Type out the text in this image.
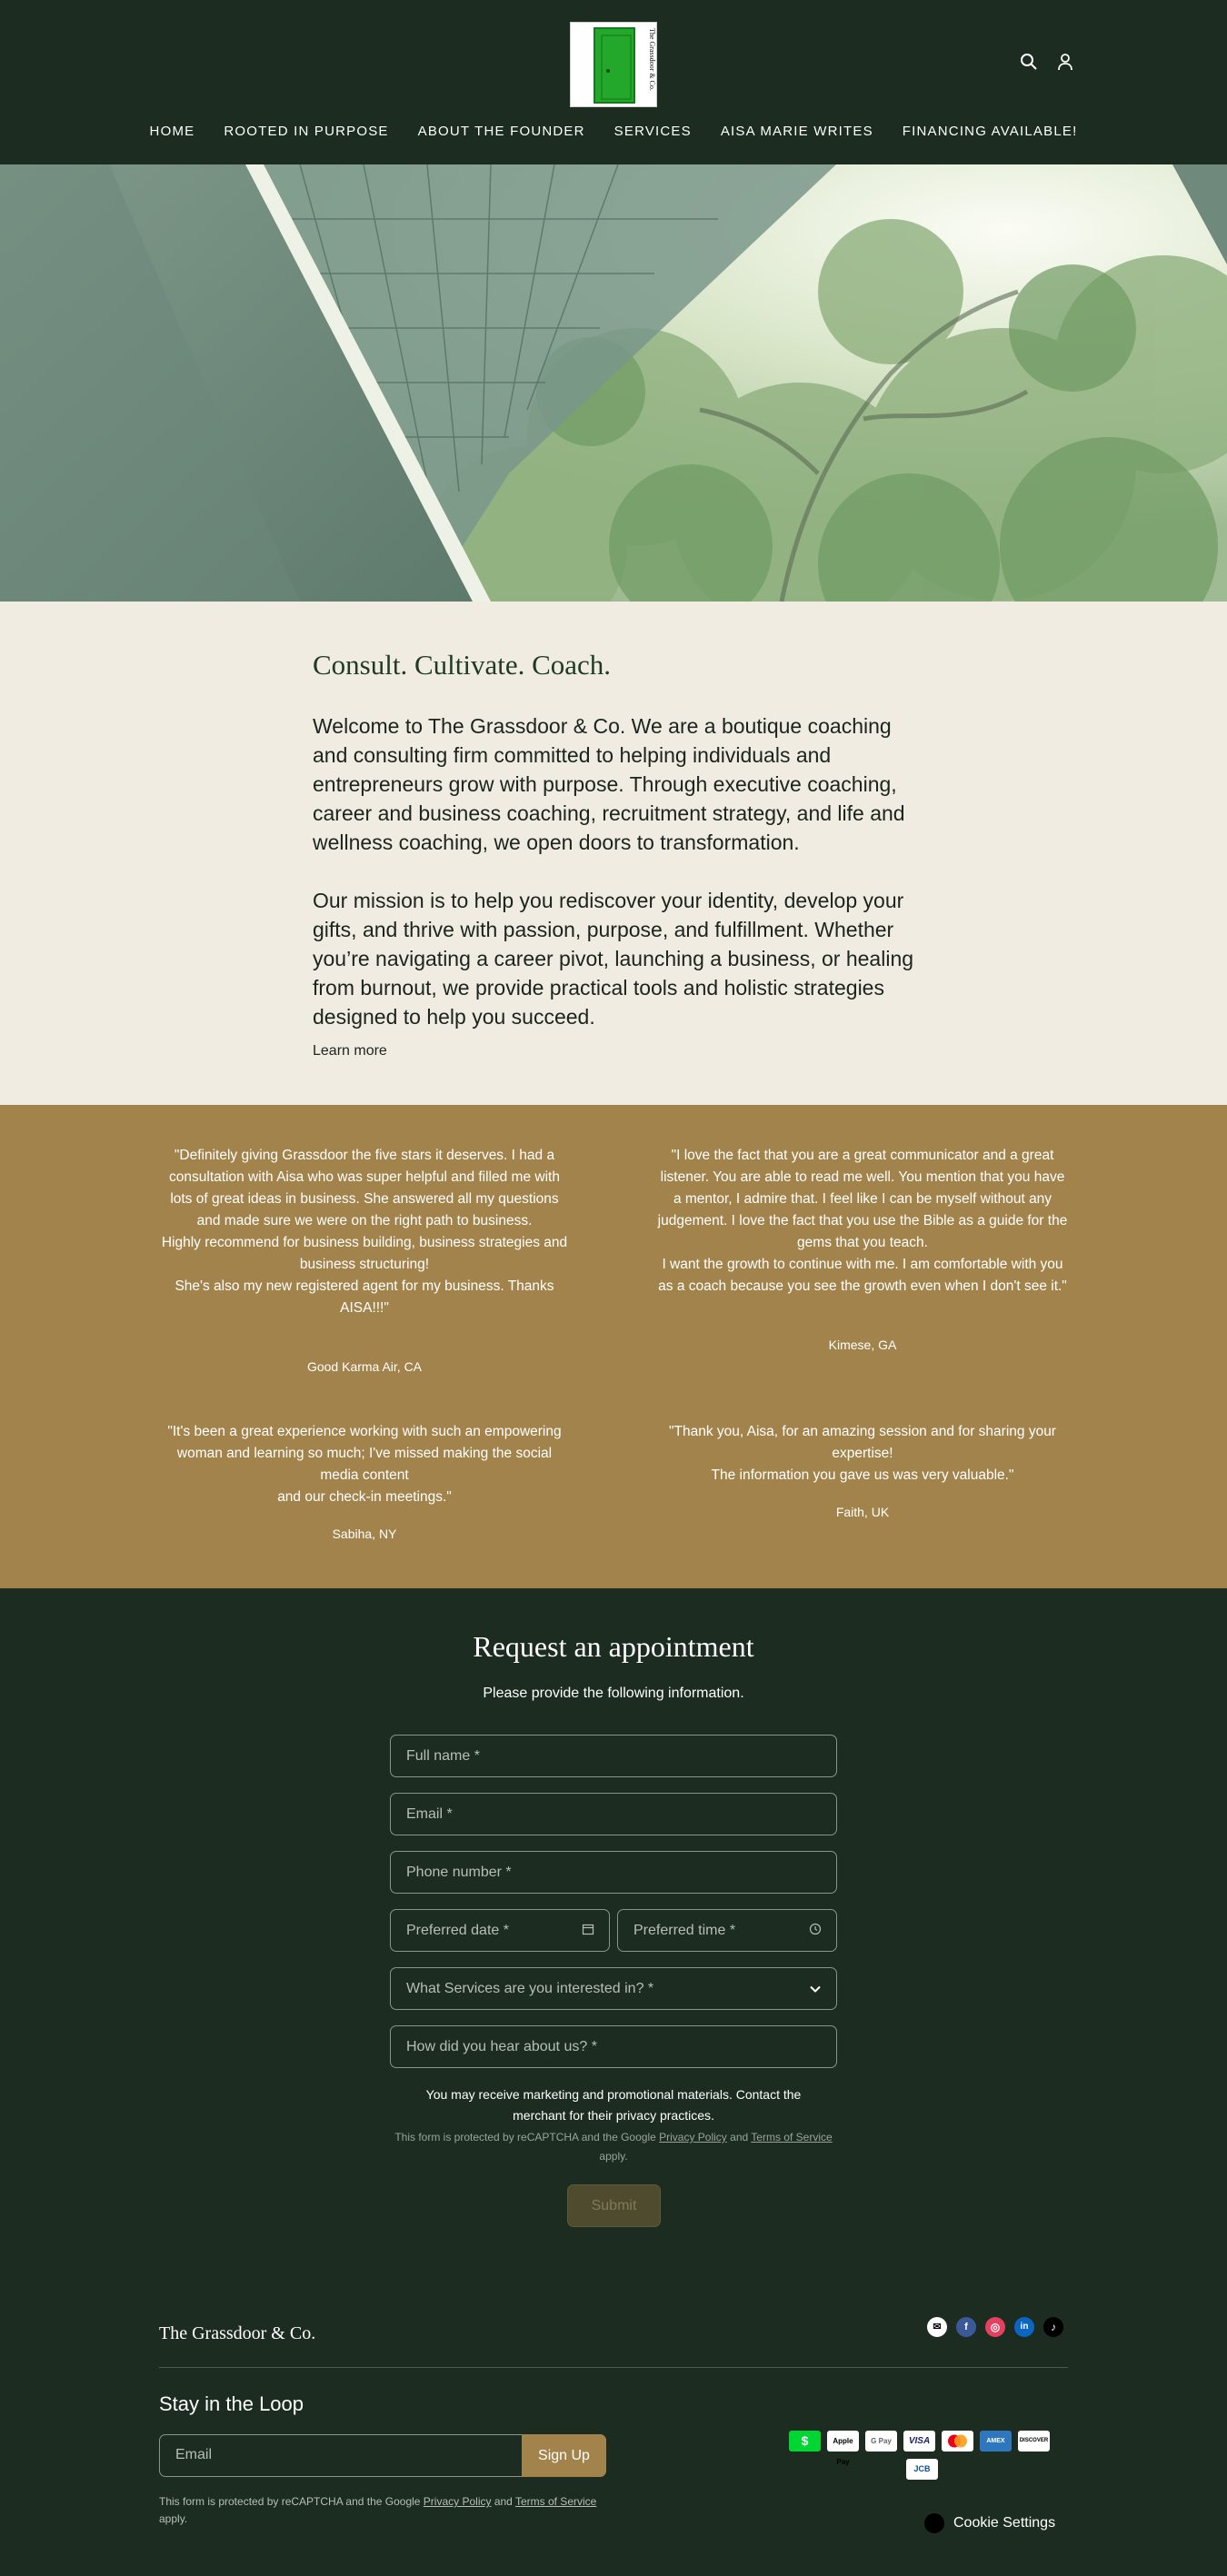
The Grassdoor & Co.
HOME ROOTED IN PURPOSE ABOUT THE FOUNDER SERVICES AISA MARIE WRITES FINANCING AVAILABLE!
Consult. Cultivate. Coach.

Welcome to The Grassdoor & Co. We are a boutique coaching and consulting firm committed to helping individuals and entrepreneurs grow with purpose. Through executive coaching, career and business coaching, recruitment strategy, and life and wellness coaching, we open doors to transformation.

Our mission is to help you rediscover your identity, develop your gifts, and thrive with passion, purpose, and fulfillment. Whether you’re navigating a career pivot, launching a business, or healing from burnout, we provide practical tools and holistic strategies designed to help you succeed.

Learn more
"Definitely giving Grassdoor the five stars it deserves. I had a consultation with Aisa who was super helpful and filled me with lots of great ideas in business. She answered all my questions and made sure we were on the right path to business.
Highly recommend for business building, business strategies and business structuring!
She's also my new registered agent for my business. Thanks AISA!!!"
Good Karma Air, CA
"I love the fact that you are a great communicator and a great listener. You are able to read me well. You mention that you have a mentor, I admire that. I feel like I can be myself without any judgement. I love the fact that you use the Bible as a guide for the gems that you teach.
I want the growth to continue with me. I am comfortable with you as a coach because you see the growth even when I don't see it."
Kimese, GA
"It's been a great experience working with such an empowering woman and learning so much; I've missed making the social media content
and our check-in meetings."
Sabiha, NY
"Thank you, Aisa, for an amazing session and for sharing your expertise!
The information you gave us was very valuable."
Faith, UK
Request an appointment
Please provide the following information.
Full name *
Email *
Phone number *
Preferred date *	Preferred time *
What Services are you interested in? *
How did you hear about us? *
You may receive marketing and promotional materials. Contact the merchant for their privacy practices.
This form is protected by reCAPTCHA and the Google Privacy Policy and Terms of Service apply.
Submit
The Grassdoor & Co.	✉	f	◎	in	♪
Stay in the Loop
Email	Sign Up
This form is protected by reCAPTCHA and the Google Privacy Policy and Terms of Service apply.
$	Apple Pay
G Pay	VISA	AMEX	DISCOVER
JCB
Cookie Settings
